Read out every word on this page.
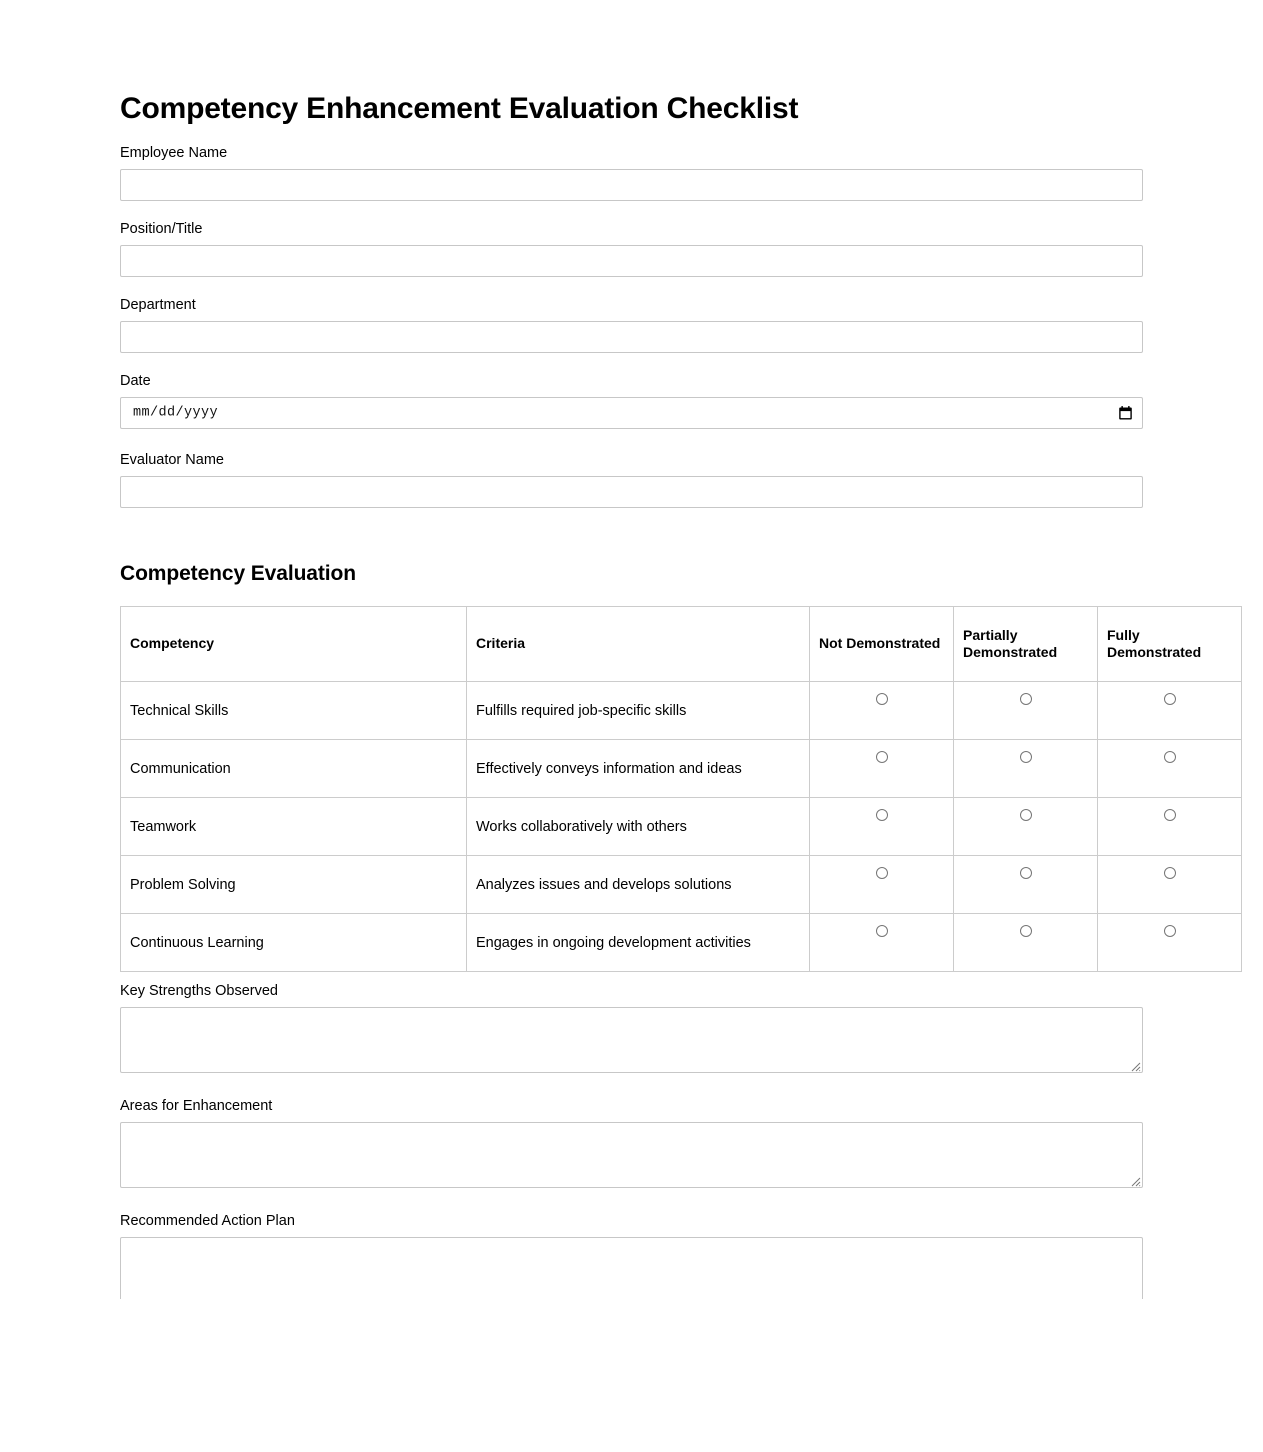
Competency Enhancement Evaluation Checklist
Employee Name
Position/Title
Department
Date
mm/dd/yyyy
Evaluator Name
Competency Evaluation
Competency	Criteria	Not Demonstrated	Partially Demonstrated	Fully Demonstrated
Technical Skills	Fulfills required job-specific skills			
Communication	Effectively conveys information and ideas			
Teamwork	Works collaboratively with others			
Problem Solving	Analyzes issues and develops solutions			
Continuous Learning	Engages in ongoing development activities			
Key Strengths Observed
Areas for Enhancement
Recommended Action Plan
